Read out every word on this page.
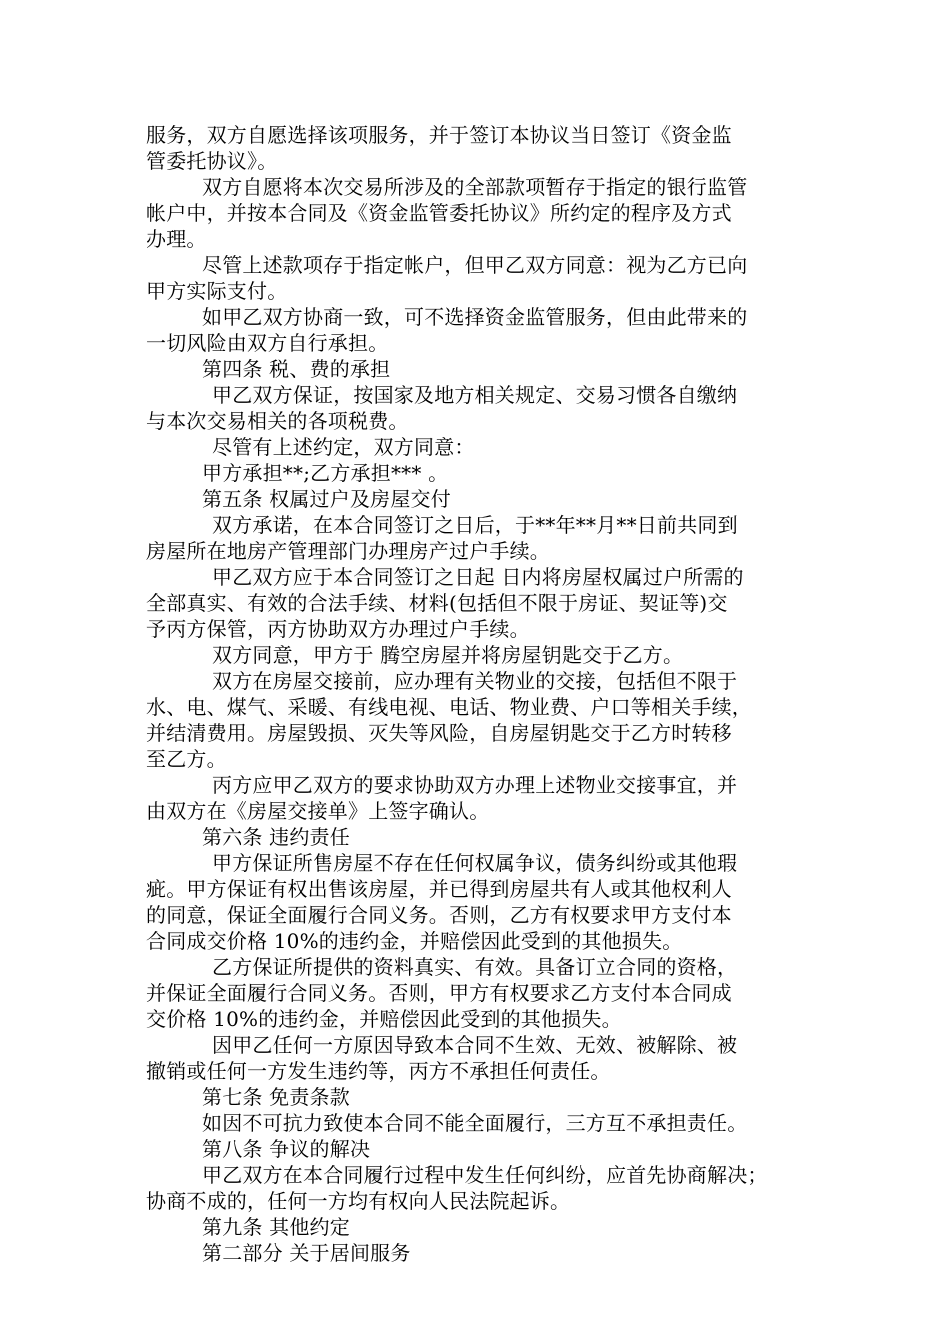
服务，双方自愿选择该项服务，并于签订本协议当日签订《资金监
管委托协议》。
双方自愿将本次交易所涉及的全部款项暂存于指定的银行监管
帐户中，并按本合同及《资金监管委托协议》所约定的程序及方式
办理。
尽管上述款项存于指定帐户，但甲乙双方同意：视为乙方已向
甲方实际支付。
如甲乙双方协商一致，可不选择资金监管服务，但由此带来的
一切风险由双方自行承担。
第四条 税、费的承担
甲乙双方保证，按国家及地方相关规定、交易习惯各自缴纳
与本次交易相关的各项税费。
尽管有上述约定，双方同意：
甲方承担**;乙方承担*** 。
第五条 权属过户及房屋交付
双方承诺，在本合同签订之日后，于**年**月**日前共同到
房屋所在地房产管理部门办理房产过户手续。
甲乙双方应于本合同签订之日起 日内将房屋权属过户所需的
全部真实、有效的合法手续、材料(包括但不限于房证、契证等)交
予丙方保管，丙方协助双方办理过户手续。
双方同意，甲方于 腾空房屋并将房屋钥匙交于乙方。
双方在房屋交接前，应办理有关物业的交接，包括但不限于
水、电、煤气、采暖、有线电视、电话、物业费、户口等相关手续，
并结清费用。房屋毁损、灭失等风险，自房屋钥匙交于乙方时转移
至乙方。
丙方应甲乙双方的要求协助双方办理上述物业交接事宜，并
由双方在《房屋交接单》上签字确认。
第六条 违约责任
甲方保证所售房屋不存在任何权属争议，债务纠纷或其他瑕
疵。甲方保证有权出售该房屋，并已得到房屋共有人或其他权利人
的同意，保证全面履行合同义务。否则，乙方有权要求甲方支付本
合同成交价格 10%的违约金，并赔偿因此受到的其他损失。
乙方保证所提供的资料真实、有效。具备订立合同的资格，
并保证全面履行合同义务。否则，甲方有权要求乙方支付本合同成
交价格 10%的违约金，并赔偿因此受到的其他损失。
因甲乙任何一方原因导致本合同不生效、无效、被解除、被
撤销或任何一方发生违约等，丙方不承担任何责任。
第七条 免责条款
如因不可抗力致使本合同不能全面履行，三方互不承担责任。
第八条 争议的解决
甲乙双方在本合同履行过程中发生任何纠纷，应首先协商解决；
协商不成的，任何一方均有权向人民法院起诉。
第九条 其他约定
第二部分 关于居间服务
